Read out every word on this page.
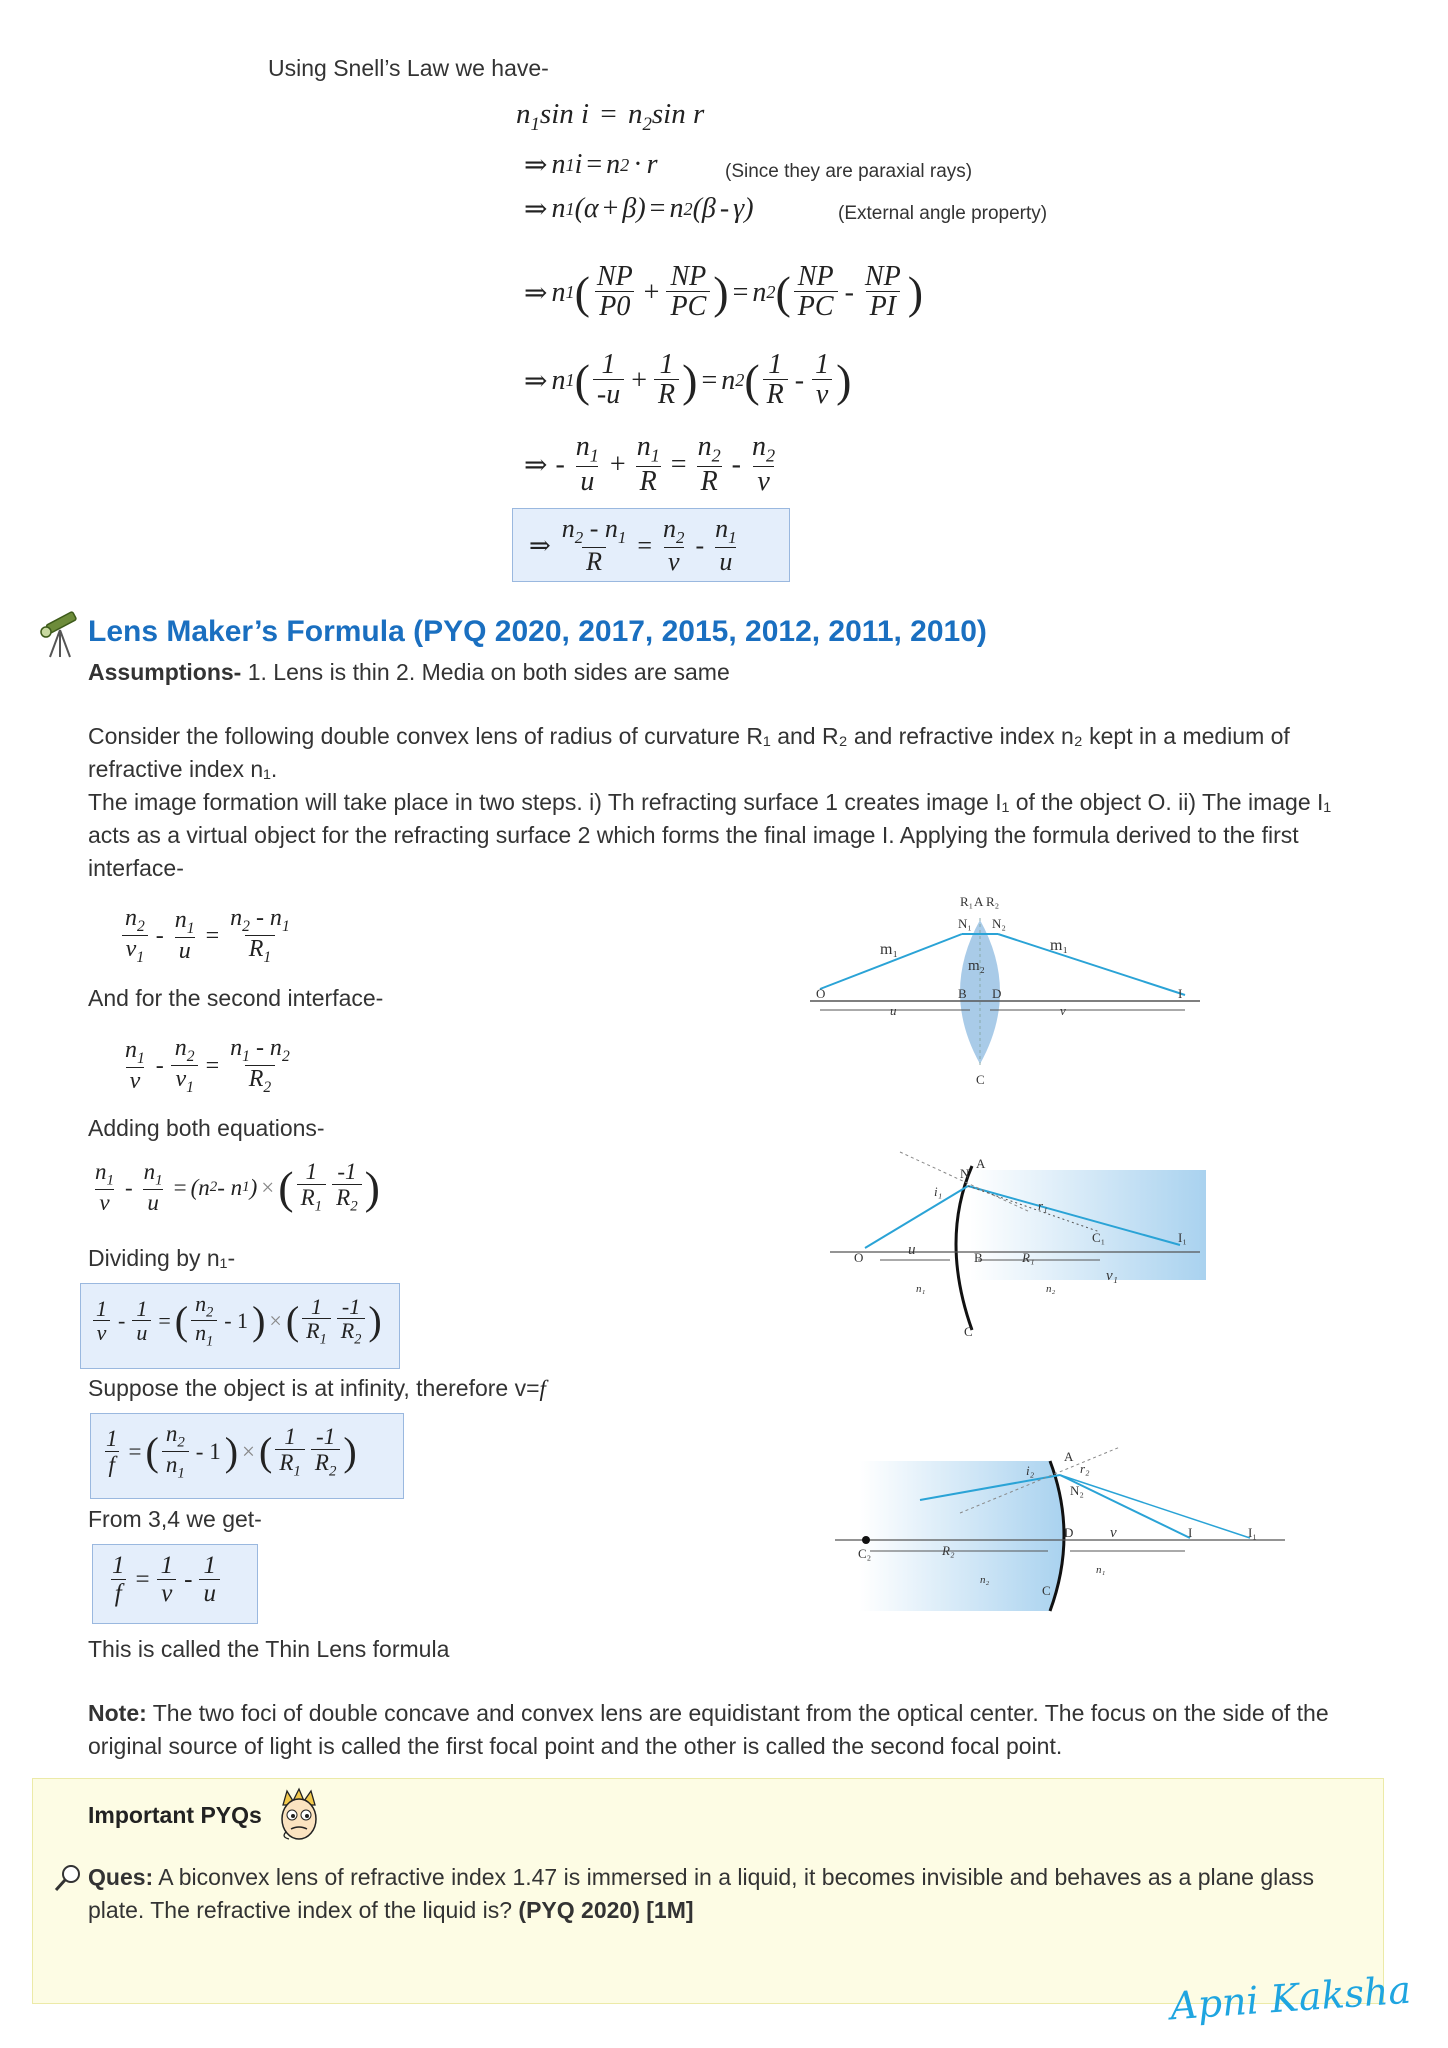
Using Snell’s Law we have-
$n_1\sin$ $i = n_2\sin$ r
⇒ n 1 i = n 2 · r	(Since they are paraxial rays)
⇒ n 1 (α + β) = n 2 (β - γ)	(External angle property)
⇒ n 1 ( $\frac{NP}{P0} + \frac{NP}{PC}$ ) = n 2 ( $\frac{NP}{PC} - \frac{NP}{PI}$ )
⇒ n 1 ( $\frac{1}{-u} + \frac{1}{R}$ ) = n 2 ( $\frac{1}{R} - \frac{1}{v}$ )
⇒ - $\frac{n_1}{u} + \frac{n_1}{R} = \frac{n_2}{R} - \frac{n_2}{v}$
⇒ $\frac{n_2 - n_1}{R} = \frac{n_2}{v} - \frac{n_1}{u}$
Lens Maker’s Formula (PYQ 2020, 2017, 2015, 2012, 2011, 2010)
Assumptions- 1. Lens is thin 2. Media on both sides are same
Consider the following double convex lens of radius of curvature R₁ and R₂ and refractive index n₂ kept in a medium of refractive index n₁.
The image formation will take place in two steps. i) Th refracting surface 1 creates image I₁ of the object O. ii) The image I₁ acts as a virtual object for the refracting surface 2 which forms the final image I. Applying the formula derived to the first interface-
$\frac{n_2}{v_1} - \frac{n_1}{u} = \frac{n_2 - n_1}{R_1}$
And for the second interface-
$\frac{n_1}{v} - \frac{n_2}{v_1} = \frac{n_1 - n_2}{R_2}$
Adding both equations-
$\frac{n_1}{v} - \frac{n_1}{u} = (n$ 2 - n 1 ) × ( $\frac{1}{R_1} \frac{-1}{R_2}$ )
Dividing by n₁-
$\frac{1}{v} - \frac{1}{u}$ = ( $\frac{n_2}{n_1} - 1$ ) × ( $\frac{1}{R_1} \frac{-1}{R_2}$ )
Suppose the object is at infinity, therefore v=f
$\frac{1}{f}$ = ( $\frac{n_2}{n_1} - 1$ ) × ( $\frac{1}{R_1} \frac{-1}{R_2}$ )
From 3,4 we get-
$\frac{1}{f} = \frac{1}{v} - \frac{1}{u}$
This is called the Thin Lens formula
Note: The two foci of double concave and convex lens are equidistant from the optical center. The focus on the side of the original source of light is called the first focal point and the other is called the second focal point.
R₁ A R₂
N₁ N₂
m₁
m₂
m₁
O
u
B D
v
I
C
N
A
i₁
r₁
C₁	I₁
O	u	B	R₁
n₁	n₂
v₁
C
i₂
A
r₂
N₂
C₂
D v	I	I₁
R₂
n₂
n₁
C
Important PYQs
Ques: A biconvex lens of refractive index 1.47 is immersed in a liquid, it becomes invisible and behaves as a plane glass plate. The refractive index of the liquid is? (PYQ 2020) [1M]
Apni Kaksha
